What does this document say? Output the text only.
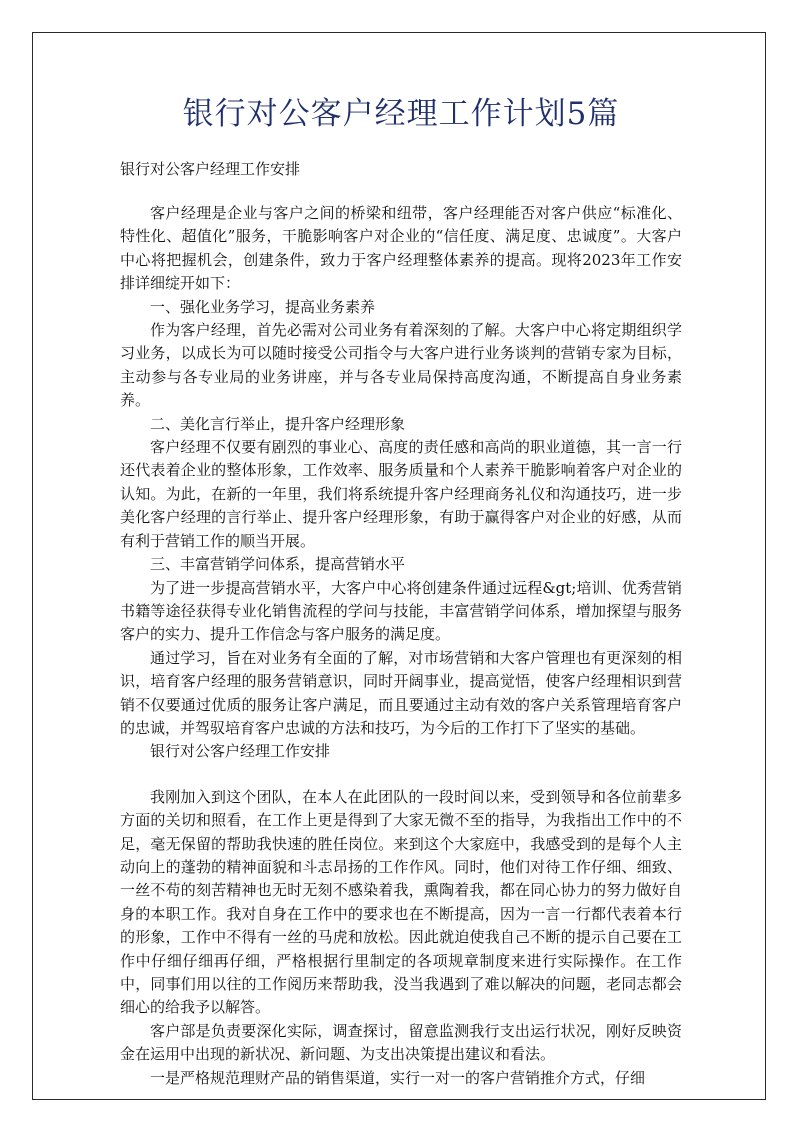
银行对公客户经理工作计划5篇

银行对公客户经理工作安排

客户经理是企业与客户之间的桥梁和纽带，客户经理能否对客户供应“标准化、特性化、超值化”服务，干脆影响客户对企业的“信任度、满足度、忠诚度”。大客户中心将把握机会，创建条件，致力于客户经理整体素养的提高。现将2023年工作安排详细绽开如下：

一、强化业务学习，提高业务素养

作为客户经理，首先必需对公司业务有着深刻的了解。大客户中心将定期组织学习业务，以成长为可以随时接受公司指令与大客户进行业务谈判的营销专家为目标，主动参与各专业局的业务讲座，并与各专业局保持高度沟通，不断提高自身业务素养。

二、美化言行举止，提升客户经理形象

客户经理不仅要有剧烈的事业心、高度的责任感和高尚的职业道德，其一言一行还代表着企业的整体形象，工作效率、服务质量和个人素养干脆影响着客户对企业的认知。为此，在新的一年里，我们将系统提升客户经理商务礼仪和沟通技巧，进一步美化客户经理的言行举止、提升客户经理形象，有助于赢得客户对企业的好感，从而有利于营销工作的顺当开展。

三、丰富营销学问体系，提高营销水平

为了进一步提高营销水平，大客户中心将创建条件通过远程&gt;培训、优秀营销书籍等途径获得专业化销售流程的学问与技能，丰富营销学问体系，增加探望与服务客户的实力、提升工作信念与客户服务的满足度。

通过学习，旨在对业务有全面的了解，对市场营销和大客户管理也有更深刻的相识，培育客户经理的服务营销意识，同时开阔事业，提高觉悟，使客户经理相识到营销不仅要通过优质的服务让客户满足，而且要通过主动有效的客户关系管理培育客户的忠诚，并驾驭培育客户忠诚的方法和技巧，为今后的工作打下了坚实的基础。

银行对公客户经理工作安排

我刚加入到这个团队，在本人在此团队的一段时间以来，受到领导和各位前辈多方面的关切和照看，在工作上更是得到了大家无微不至的指导，为我指出工作中的不足，毫无保留的帮助我快速的胜任岗位。来到这个大家庭中，我感受到的是每个人主动向上的蓬勃的精神面貌和斗志昂扬的工作作风。同时，他们对待工作仔细、细致、一丝不苟的刻苦精神也无时无刻不感染着我，熏陶着我，都在同心协力的努力做好自身的本职工作。我对自身在工作中的要求也在不断提高，因为一言一行都代表着本行的形象，工作中不得有一丝的马虎和放松。因此就迫使我自己不断的提示自己要在工作中仔细仔细再仔细，严格根据行里制定的各项规章制度来进行实际操作。在工作中，同事们用以往的工作阅历来帮助我，没当我遇到了难以解决的问题，老同志都会细心的给我予以解答。

客户部是负责要深化实际，调查探讨，留意监测我行支出运行状况，刚好反映资金在运用中出现的新状况、新问题、为支出决策提出建议和看法。

一是严格规范理财产品的销售渠道，实行一对一的客户营销推介方式，仔细
